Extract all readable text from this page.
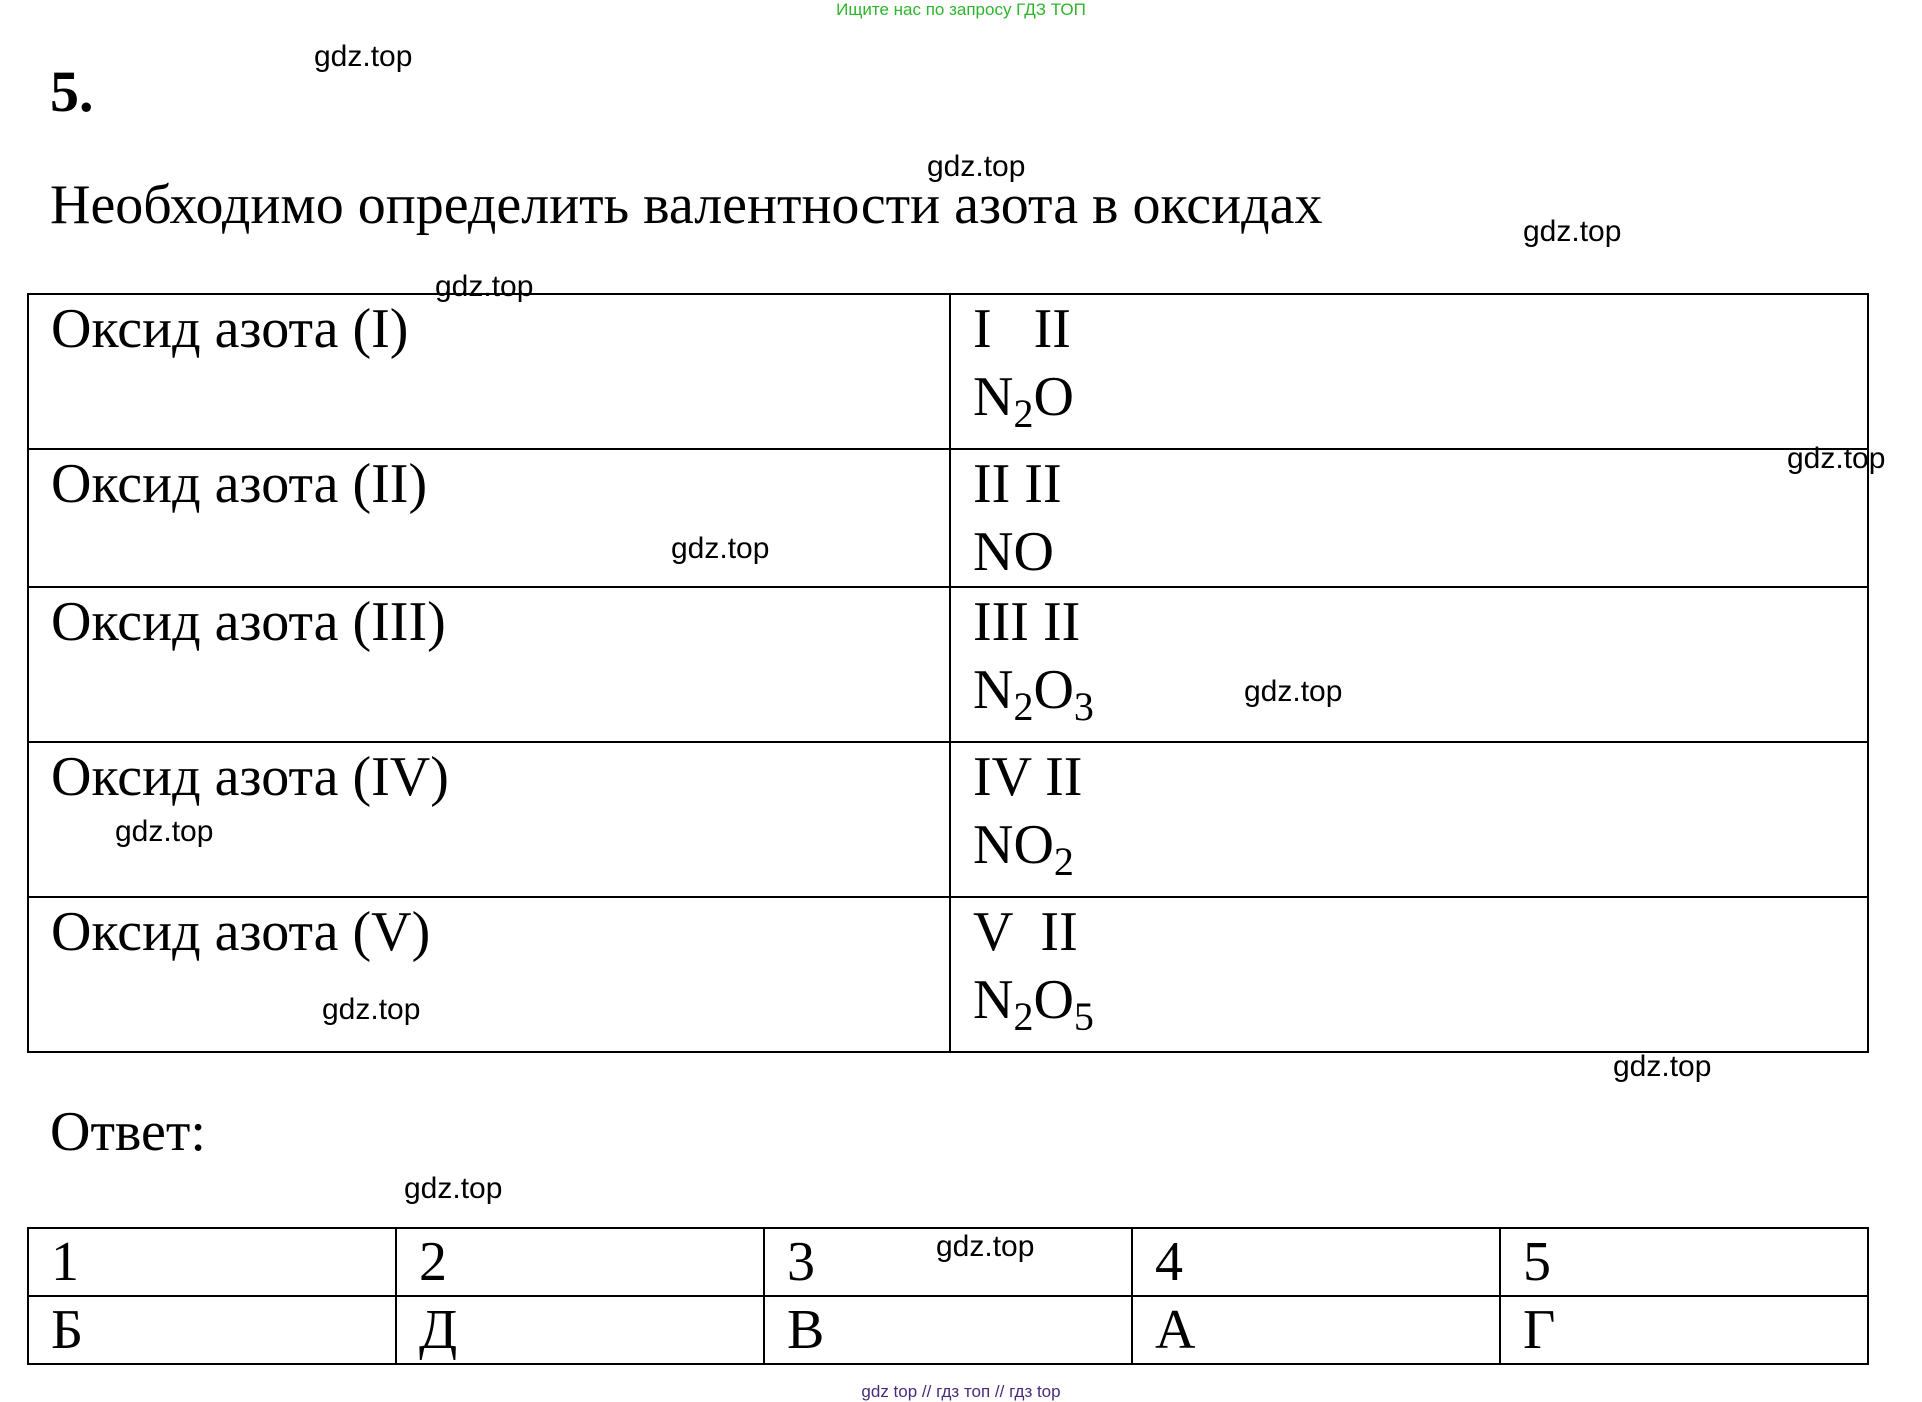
Ищите нас по запросу ГДЗ ТОП
5.
Необходимо определить валентности азота в оксидах
Оксид азота (I)	I   II
$N_2O$

Оксид азота (II)	II II
NO

Оксид азота (III)	III II
$N_2O_3$

Оксид азота (IV)	IV II
$NO_2$

Оксид азота (V)	V  II
$N_2O_5$
Ответ:
1	2	3	4	5
Б	Д	В	А	Г
gdz.top
gdz.top
gdz.top
gdz.top
gdz.top
gdz.top
gdz.top
gdz.top
gdz.top
gdz.top
gdz.top
gdz.top
gdz top // гдз топ // гдз top
